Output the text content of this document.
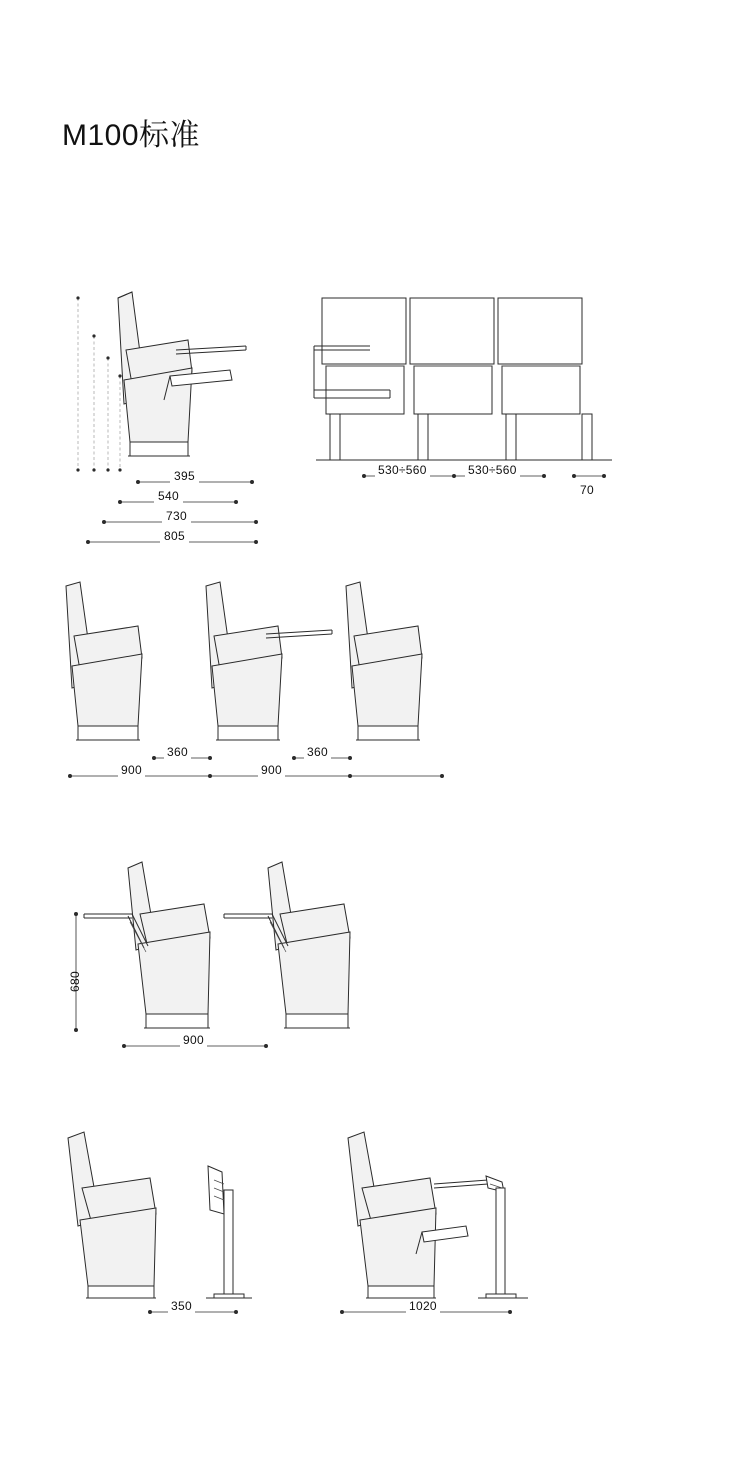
M100标准
395
540
730
805
530÷560	530÷560
70
360	360
900	900
680
900
350	1020
